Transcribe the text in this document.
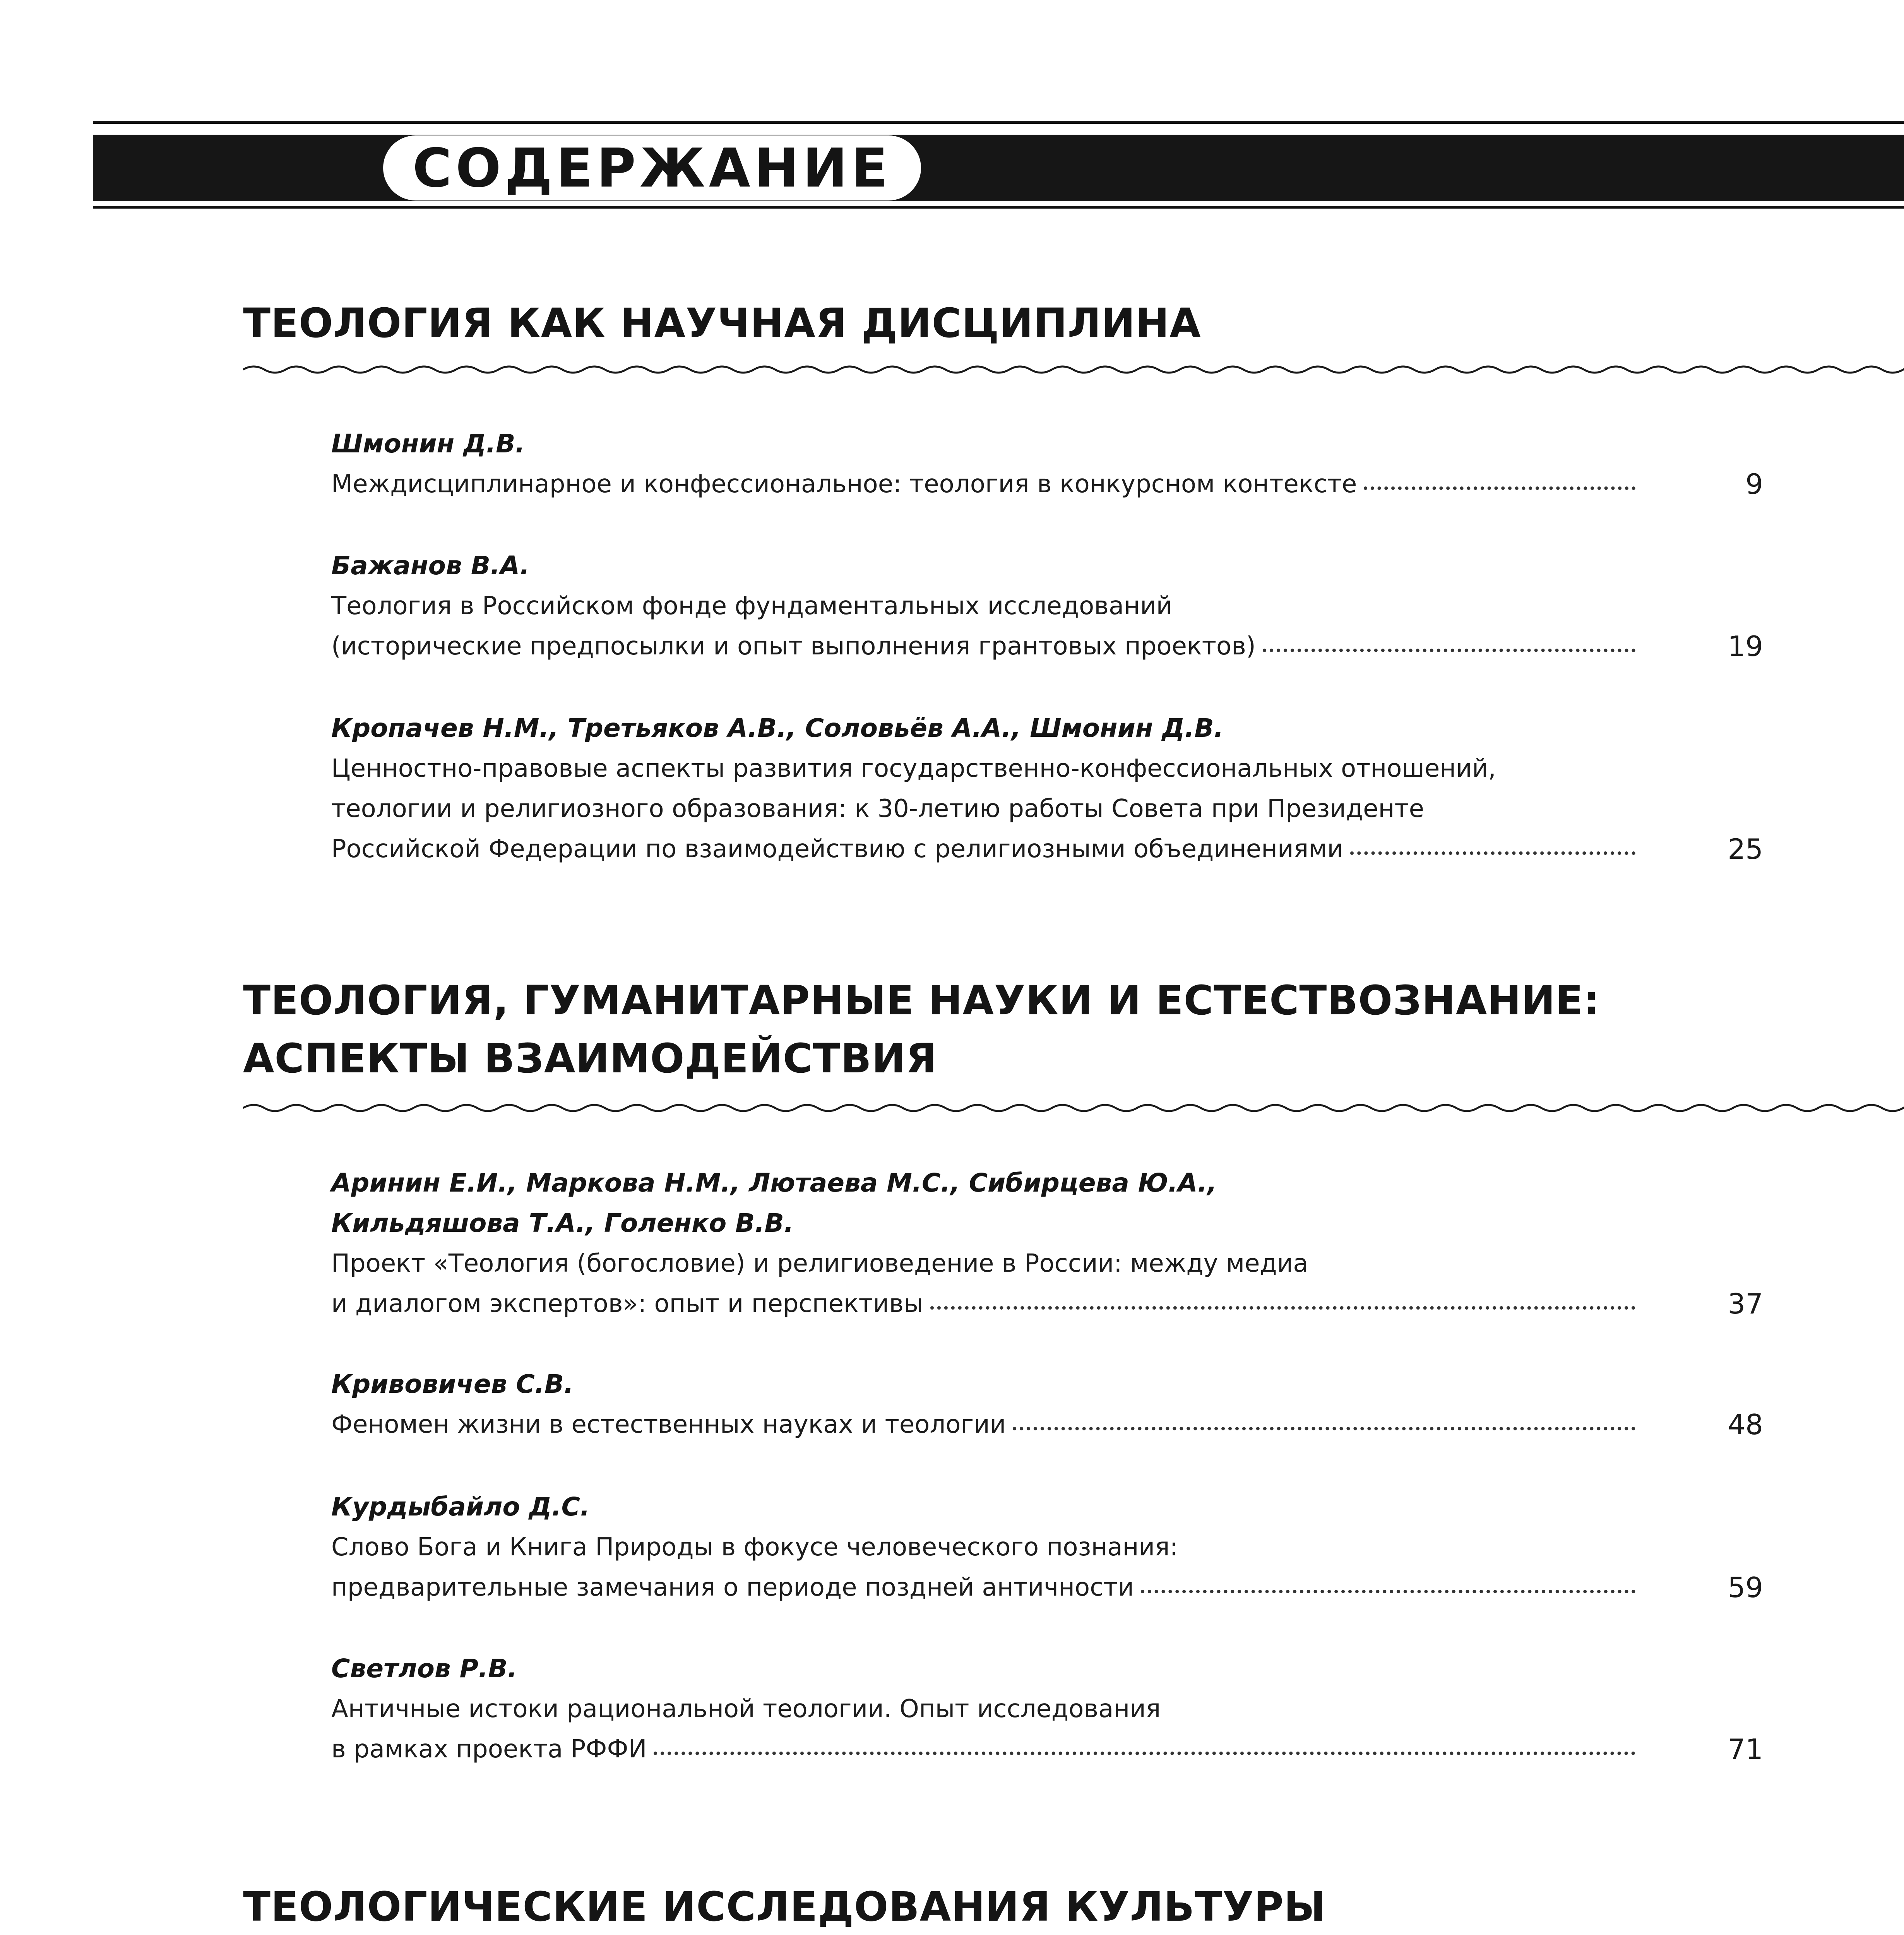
СОДЕРЖАНИЕ
ТЕОЛОГИЯ КАК НАУЧНАЯ ДИСЦИПЛИНА
Шмонин Д.В.
Междисциплинарное и конфессиональное: теология в конкурсном контексте	9
Бажанов В.А.
Теология в Российском фонде фундаментальных исследований
(исторические предпосылки и опыт выполнения грантовых проектов)	19
Кропачев Н.М., Третьяков А.В., Соловьёв А.А., Шмонин Д.В.
Ценностно-правовые аспекты развития государственно-конфессиональных отношений,
теологии и религиозного образования: к 30-летию работы Совета при Президенте
Российской Федерации по взаимодействию с религиозными объединениями	25
ТЕОЛОГИЯ, ГУМАНИТАРНЫЕ НАУКИ И ЕСТЕСТВОЗНАНИЕ:
АСПЕКТЫ ВЗАИМОДЕЙСТВИЯ
Аринин Е.И., Маркова Н.М., Лютаева М.С., Сибирцева Ю.А.,
Кильдяшова Т.А., Голенко В.В.
Проект «Теология (богословие) и религиоведение в России: между медиа
и диалогом экспертов»: опыт и перспективы	37
Кривовичев С.В.
Феномен жизни в естественных науках и теологии	48
Курдыбайло Д.С.
Слово Бога и Книга Природы в фокусе человеческого познания:
предварительные замечания о периоде поздней античности	59
Светлов Р.В.
Античные истоки рациональной теологии. Опыт исследования
в рамках проекта РФФИ	71
ТЕОЛОГИЧЕСКИЕ ИССЛЕДОВАНИЯ КУЛЬТУРЫ
